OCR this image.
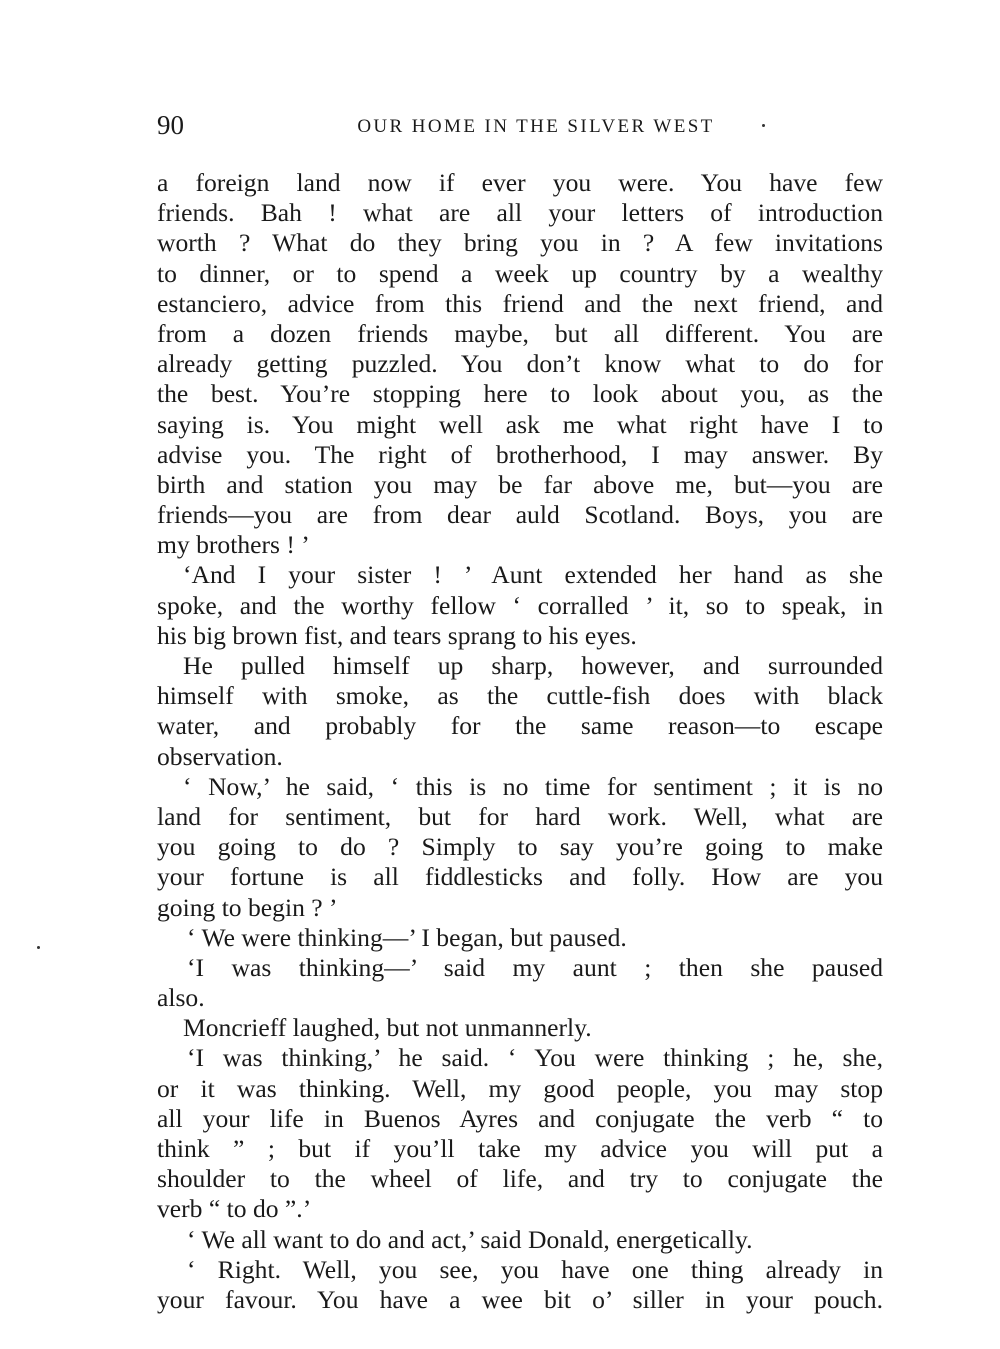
90	OUR HOME IN THE SILVER WEST
a foreign land now if ever you were. You have few
friends. Bah ! what are all your letters of introduction
worth ? What do they bring you in ? A few invitations
to dinner, or to spend a week up country by a wealthy
estanciero, advice from this friend and the next friend, and
from a dozen friends maybe, but all different. You are
already getting puzzled. You don’t know what to do for
the best. You’re stopping here to look about you, as the
saying is. You might well ask me what right have I to
advise you. The right of brotherhood, I may answer. By
birth and station you may be far above me, but—you are
friends—you are from dear auld Scotland. Boys, you are
my brothers ! ’
‘And I your sister ! ’ Aunt extended her hand as she
spoke, and the worthy fellow ‘ corralled ’ it, so to speak, in
his big brown fist, and tears sprang to his eyes.
He pulled himself up sharp, however, and surrounded
himself with smoke, as the cuttle-fish does with black
water, and probably for the same reason—to escape
observation.
‘ Now,’ he said, ‘ this is no time for sentiment ; it is no
land for sentiment, but for hard work. Well, what are
you going to do ? Simply to say you’re going to make
your fortune is all fiddlesticks and folly. How are you
going to begin ? ’
‘ We were thinking—’ I began, but paused.
‘I was thinking—’ said my aunt ; then she paused
also.
Moncrieff laughed, but not unmannerly.
‘I was thinking,’ he said. ‘ You were thinking ; he, she,
or it was thinking. Well, my good people, you may stop
all your life in Buenos Ayres and conjugate the verb “ to
think ” ; but if you’ll take my advice you will put a
shoulder to the wheel of life, and try to conjugate the
verb “ to do ”.’
‘ We all want to do and act,’ said Donald, energetically.
‘ Right. Well, you see, you have one thing already in
your favour. You have a wee bit o’ siller in your pouch.
